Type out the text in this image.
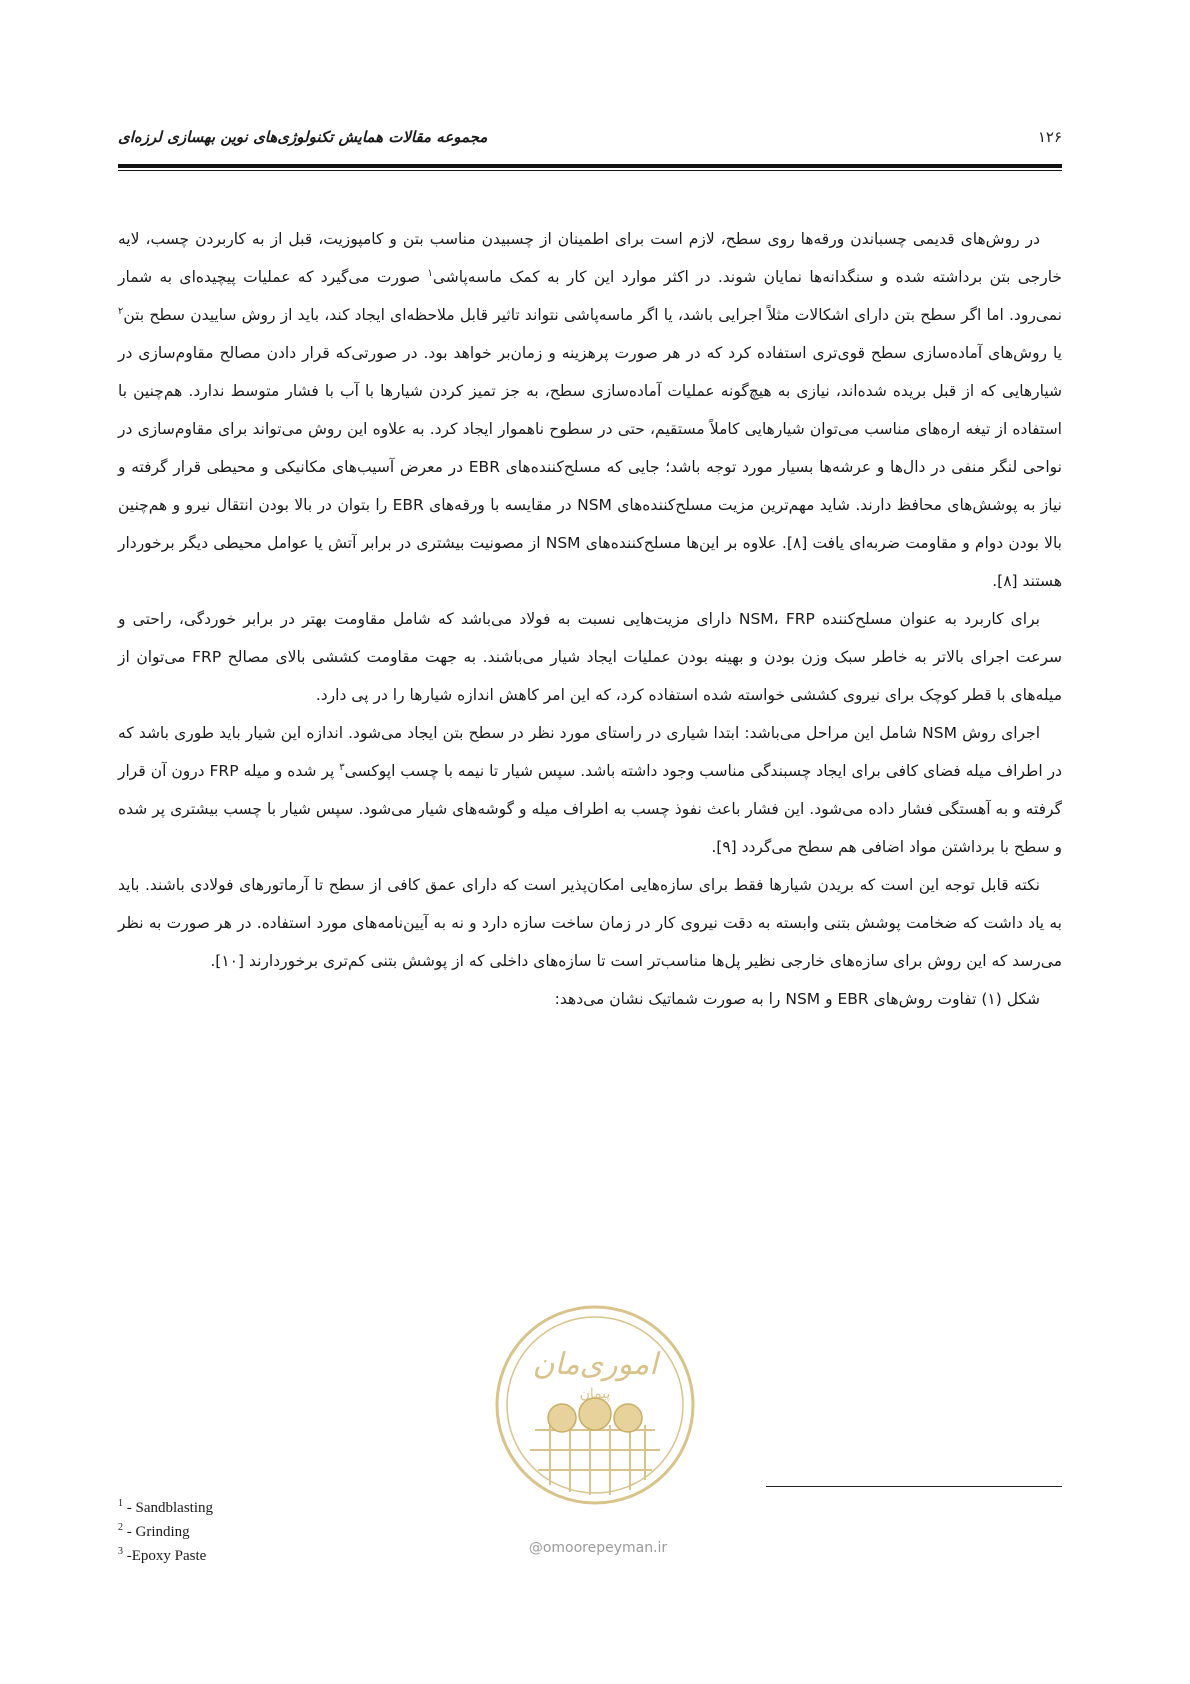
۱۲۶
مجموعه مقالات همایش تکنولوژی‌های نوین بهسازی لرزه‌ای

در روش‌های قدیمی چسباندن ورقه‌ها روی سطح، لازم است برای اطمینان از چسبیدن مناسب بتن و کامپوزیت، قبل از به کاربردن چسب، لایه خارجی بتن برداشته شده و سنگدانه‌ها نمایان شوند. در اکثر موارد این کار به کمک ماسه‌پاشی$^۱$ صورت می‌گیرد که عملیات پیچیده‌ای به شمار نمی‌رود. اما اگر سطح بتن دارای اشکالات مثلاً اجرایی باشد، یا اگر ماسه‌پاشی نتواند تاثیر قابل ملاحظه‌ای ایجاد کند، باید از روش ساییدن سطح بتن$^۲$ یا روش‌های آماده‌سازی سطح قوی‌تری استفاده کرد که در هر صورت پرهزینه و زمان‌بر خواهد بود. در صورتی‌که قرار دادن مصالح مقاوم‌سازی در شیارهایی که از قبل بریده شده‌اند، نیازی به هیچ‌گونه عملیات آماده‌سازی سطح، به جز تمیز کردن شیارها با آب با فشار متوسط ندارد. هم‌چنین با استفاده از تیغه اره‌های مناسب می‌توان شیارهایی کاملاً مستقیم، حتی در سطوح ناهموار ایجاد کرد. به علاوه این روش می‌تواند برای مقاوم‌سازی در نواحی لنگر منفی در دال‌ها و عرشه‌ها بسیار مورد توجه باشد؛ جایی که مسلح‌کننده‌های EBR در معرض آسیب‌های مکانیکی و محیطی قرار گرفته و نیاز به پوشش‌های محافظ دارند. شاید مهم‌ترین مزیت مسلح‌کننده‌های NSM در مقایسه با ورقه‌های EBR را بتوان در بالا بودن انتقال نیرو و هم‌چنین بالا بودن دوام و مقاومت ضربه‌ای یافت [۸]. علاوه بر این‌ها مسلح‌کننده‌های NSM از مصونیت بیشتری در برابر آتش یا عوامل محیطی دیگر برخوردار هستند [۸].

برای کاربرد به عنوان مسلح‌کننده NSM، FRP دارای مزیت‌هایی نسبت به فولاد می‌باشد که شامل مقاومت بهتر در برابر خوردگی، راحتی و سرعت اجرای بالاتر به خاطر سبک وزن بودن و بهینه بودن عملیات ایجاد شیار می‌باشند. به جهت مقاومت کششی بالای مصالح FRP می‌توان از میله‌های با قطر کوچک برای نیروی کششی خواسته شده استفاده کرد، که این امر کاهش اندازه شیارها را در پی دارد.

اجرای روش NSM شامل این مراحل می‌باشد: ابتدا شیاری در راستای مورد نظر در سطح بتن ایجاد می‌شود. اندازه این شیار باید طوری باشد که در اطراف میله فضای کافی برای ایجاد چسبندگی مناسب وجود داشته باشد. سپس شیار تا نیمه با چسب اپوکسی$^۳$ پر شده و میله FRP درون آن قرار گرفته و به آهستگی فشار داده می‌شود. این فشار باعث نفوذ چسب به اطراف میله و گوشه‌های شیار می‌شود. سپس شیار با چسب بیشتری پر شده و سطح با برداشتن مواد اضافی هم سطح می‌گردد [۹].

نکته قابل توجه این است که بریدن شیارها فقط برای سازه‌هایی امکان‌پذیر است که دارای عمق کافی از سطح تا آرماتورهای فولادی باشند. باید به یاد داشت که ضخامت پوشش بتنی وابسته به دقت نیروی کار در زمان ساخت سازه دارد و نه به آیین‌نامه‌های مورد استفاده. در هر صورت به نظر می‌رسد که این روش برای سازه‌های خارجی نظیر پل‌ها مناسب‌تر است تا سازه‌های داخلی که از پوشش بتنی کم‌تری برخوردارند [۱۰].

شکل (۱) تفاوت روش‌های EBR و NSM را به صورت شماتیک نشان می‌دهد:

اموری‌مان
پیمان
@omoorepeyman.ir
$^1$ - Sandblasting
$^2$ - Grinding
$^3$ -Epoxy Paste
